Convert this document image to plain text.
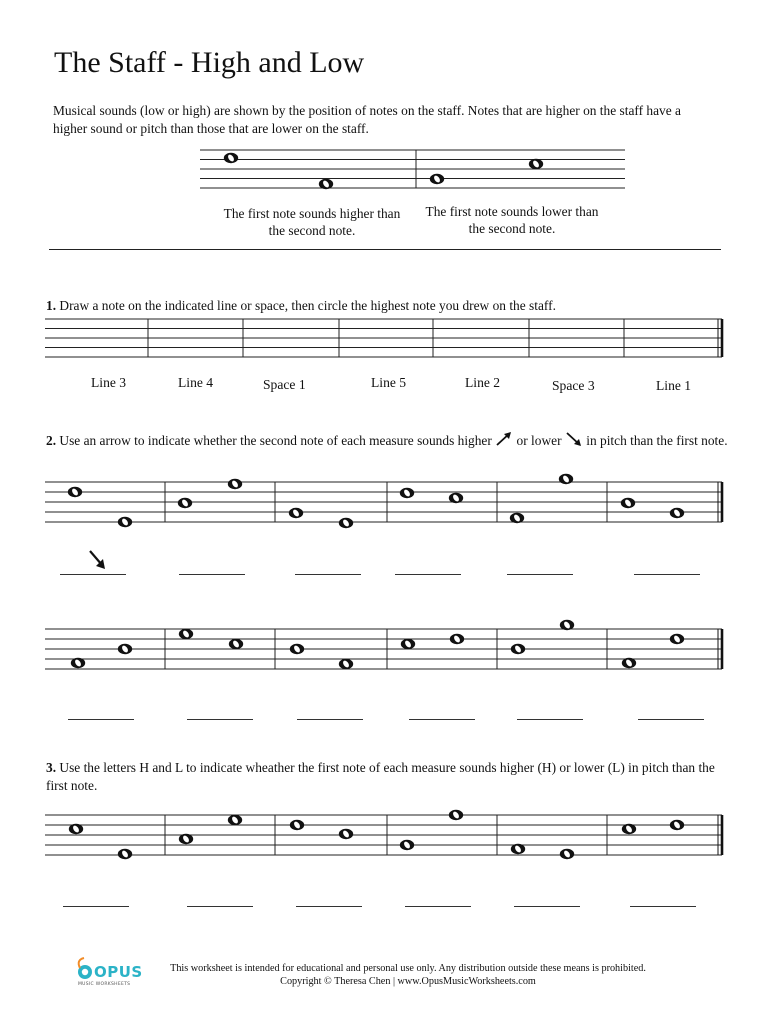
The Staff - High and Low
Musical sounds (low or high) are shown by the position of notes on the staff. Notes that are higher on the staff have a higher sound or pitch than those that are lower on the staff.
The first note sounds higher than the second note.
The first note sounds lower than the second note.
1. Draw a note on the indicated line or space, then circle the highest note you drew on the staff.
Line 3	Line 4	Space 1	Line 5	Line 2	Space 3	Line 1
2. Use an arrow to indicate whether the second note of each measure sounds higher  or lower  in pitch than the first note.
3. Use the letters H and L to indicate wheather the first note of each measure sounds higher (H) or lower (L) in pitch than the first note.
OPUS
MUSIC WORKSHEETS
This worksheet is intended for educational and personal use only. Any distribution outside these means is prohibited.
Copyright © Theresa Chen | www.OpusMusicWorksheets.com
